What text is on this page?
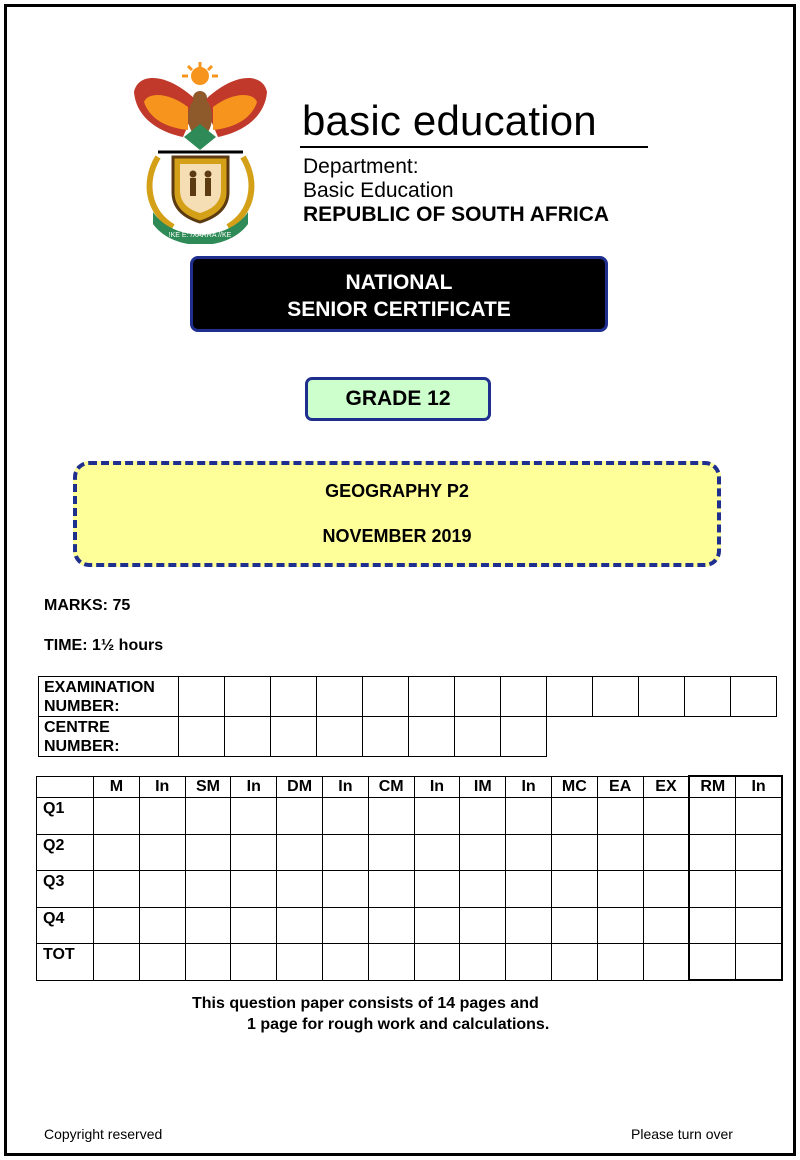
!KE E: /XARRA //KE
basic education
Department:
Basic Education
REPUBLIC OF SOUTH AFRICA
NATIONAL
SENIOR CERTIFICATE
GRADE 12
GEOGRAPHY P2
NOVEMBER 2019
MARKS: 75
TIME: 1½ hours
EXAMINATION NUMBER:													
CENTRE NUMBER:													
	M	In	SM	In	DM	In	CM	In	IM	In	MC	EA	EX	RM	In
Q1															
Q2															
Q3															
Q4															
TOT															
This question paper consists of 14 pages and
1 page for rough work and calculations.
Copyright reserved	Please turn over
